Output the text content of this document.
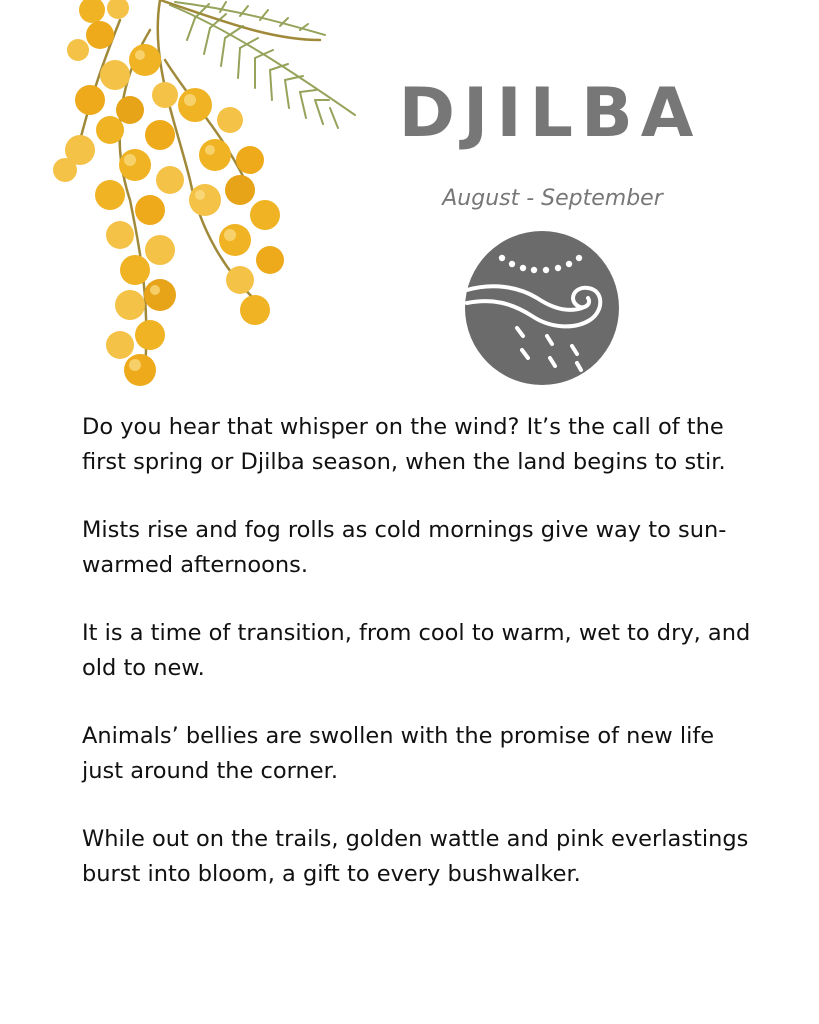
DJILBA

August - September

Do you hear that whisper on the wind? It’s the call of the first spring or Djilba season, when the land begins to stir.

Mists rise and fog rolls as cold mornings give way to sun-warmed afternoons.

It is a time of transition, from cool to warm, wet to dry, and old to new.

Animals’ bellies are swollen with the promise of new life just around the corner.

While out on the trails, golden wattle and pink everlastings burst into bloom, a gift to every bushwalker.
